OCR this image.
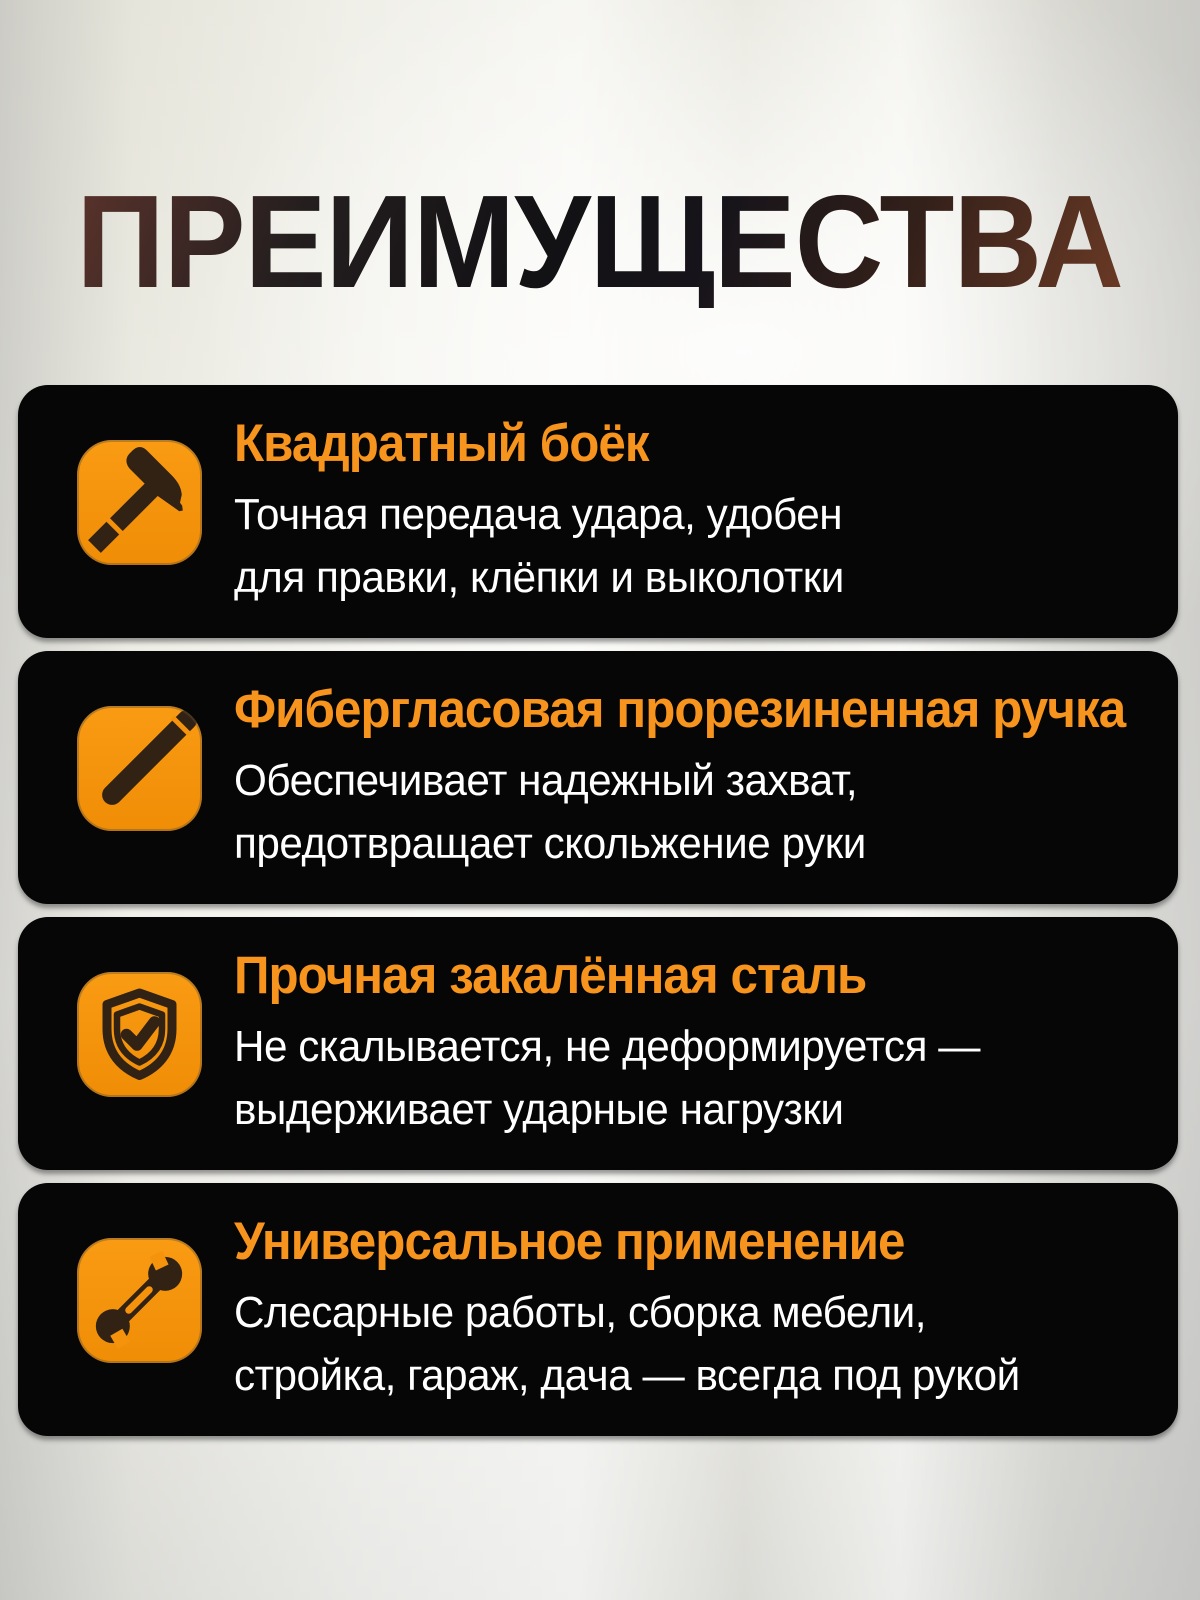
ПРЕИМУЩЕСТВА
Квадратный боёк
Точная передача удара, удобен
для правки, клёпки и выколотки
Фибергласовая прорезиненная ручка
Обеспечивает надежный захват,
предотвращает скольжение руки
Прочная закалённая сталь
Не скалывается, не деформируется —
выдерживает ударные нагрузки
Универсальное применение
Слесарные работы, сборка мебели,
стройка, гараж, дача — всегда под рукой
